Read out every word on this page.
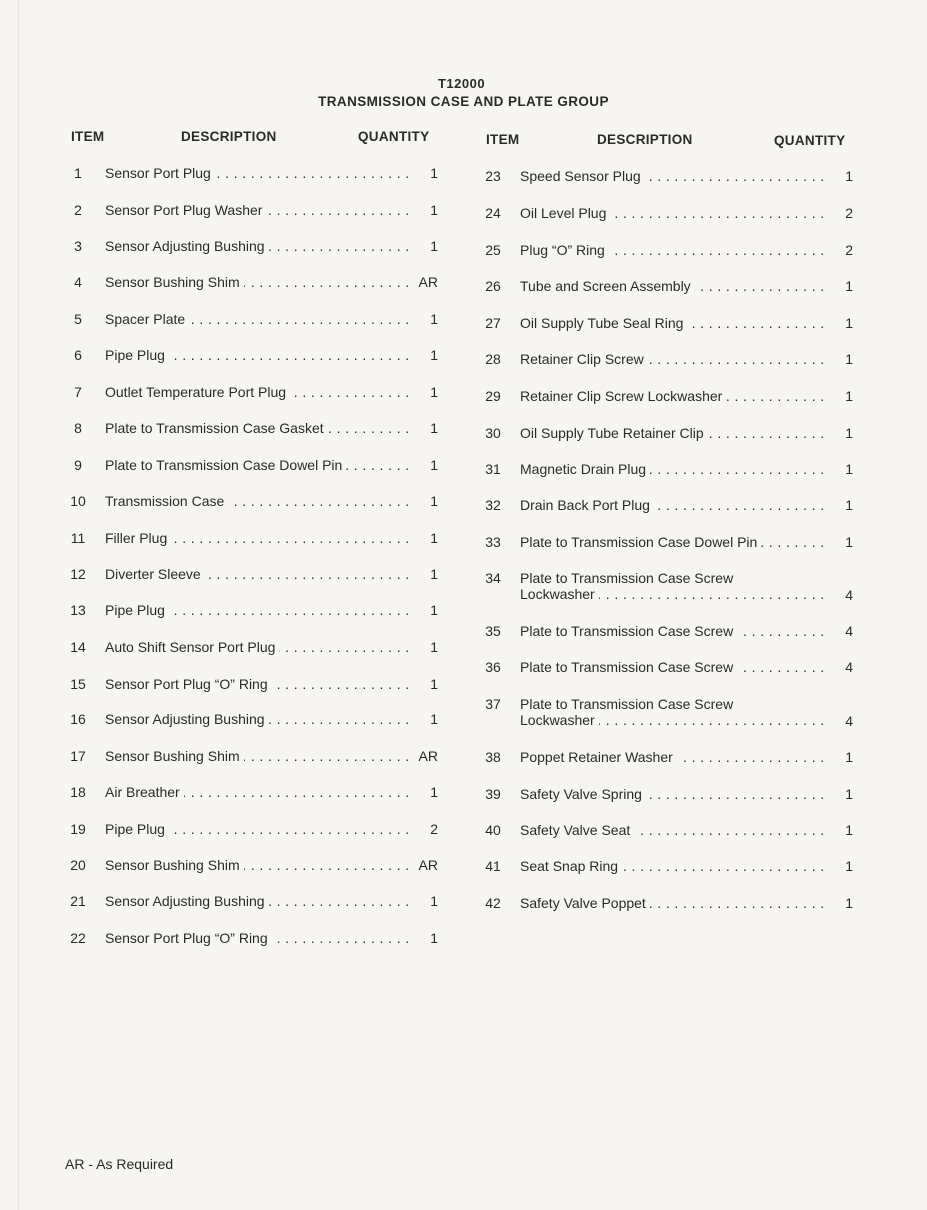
T12000
TRANSMISSION CASE AND PLATE GROUP
ITEM	DESCRIPTION	QUANTITY	ITEM	DESCRIPTION	QUANTITY
1	Sensor Port Plug . . .	1
2	Sensor Port Plug Washer . . .	1
3	Sensor Adjusting Bushing . . .	1
4	Sensor Bushing Shim . . .	AR
5	Spacer Plate . . .	1
6	Pipe Plug . . .	1
7	Outlet Temperature Port Plug . . .	1
8	Plate to Transmission Case Gasket . . .	1
9	Plate to Transmission Case Dowel Pin . . .	1
10	Transmission Case . . .	1
11	Filler Plug . . .	1
12	Diverter Sleeve . . .	1
13	Pipe Plug . . .	1
14	Auto Shift Sensor Port Plug . . .	1
15	Sensor Port Plug “O” Ring . . .	1
16	Sensor Adjusting Bushing . . .	1
17	Sensor Bushing Shim . . .	AR
18	Air Breather . . .	1
19	Pipe Plug . . .	2
20	Sensor Bushing Shim . . .	AR
21	Sensor Adjusting Bushing . . .	1
22	Sensor Port Plug “O” Ring . . .	1
23	Speed Sensor Plug . . .	1
24	Oil Level Plug . . .	2
25	Plug “O” Ring . . .	2
26	Tube and Screen Assembly . . .	1
27	Oil Supply Tube Seal Ring . . .	1
28	Retainer Clip Screw . . .	1
29	Retainer Clip Screw Lockwasher . . .	1
30	Oil Supply Tube Retainer Clip . . .	1
31	Magnetic Drain Plug . . .	1
32	Drain Back Port Plug . . .	1
33	Plate to Transmission Case Dowel Pin . . .	1
34	Plate to Transmission Case Screw
Lockwasher . . .	4
35	Plate to Transmission Case Screw . . .	4
36	Plate to Transmission Case Screw . . .	4
37	Plate to Transmission Case Screw
Lockwasher . . .	4
38	Poppet Retainer Washer . . .	1
39	Safety Valve Spring . . .	1
40	Safety Valve Seat . . .	1
41	Seat Snap Ring . . .	1
42	Safety Valve Poppet . . .	1
AR - As Required
